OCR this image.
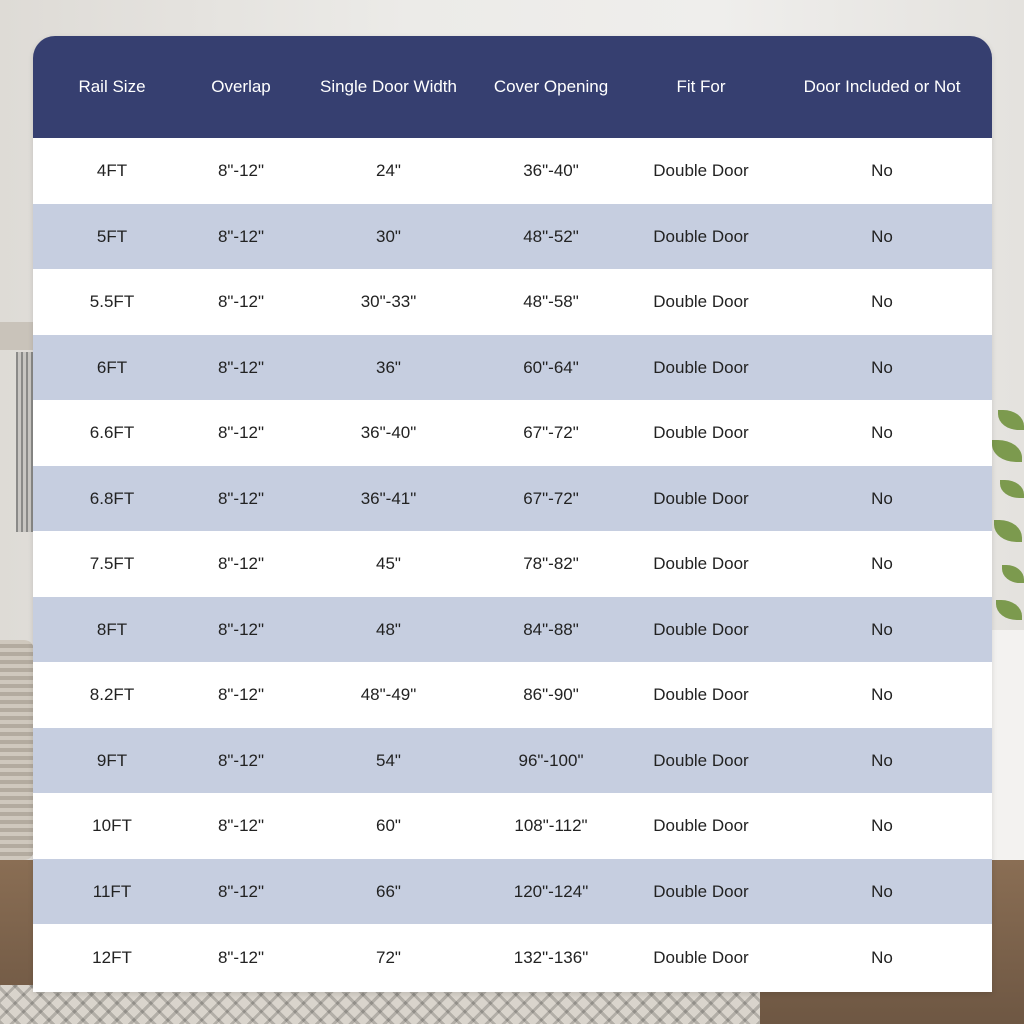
Rail Size	Overlap	Single Door Width	Cover Opening	Fit For	Door Included or Not
4FT	8"-12"	24"	36"-40"	Double Door	No
5FT	8"-12"	30"	48"-52"	Double Door	No
5.5FT	8"-12"	30"-33"	48"-58"	Double Door	No
6FT	8"-12"	36"	60"-64"	Double Door	No
6.6FT	8"-12"	36"-40"	67"-72"	Double Door	No
6.8FT	8"-12"	36"-41"	67"-72"	Double Door	No
7.5FT	8"-12"	45"	78"-82"	Double Door	No
8FT	8"-12"	48"	84"-88"	Double Door	No
8.2FT	8"-12"	48"-49"	86"-90"	Double Door	No
9FT	8"-12"	54"	96"-100"	Double Door	No
10FT	8"-12"	60"	108"-112"	Double Door	No
11FT	8"-12"	66"	120"-124"	Double Door	No
12FT	8"-12"	72"	132"-136"	Double Door	No
